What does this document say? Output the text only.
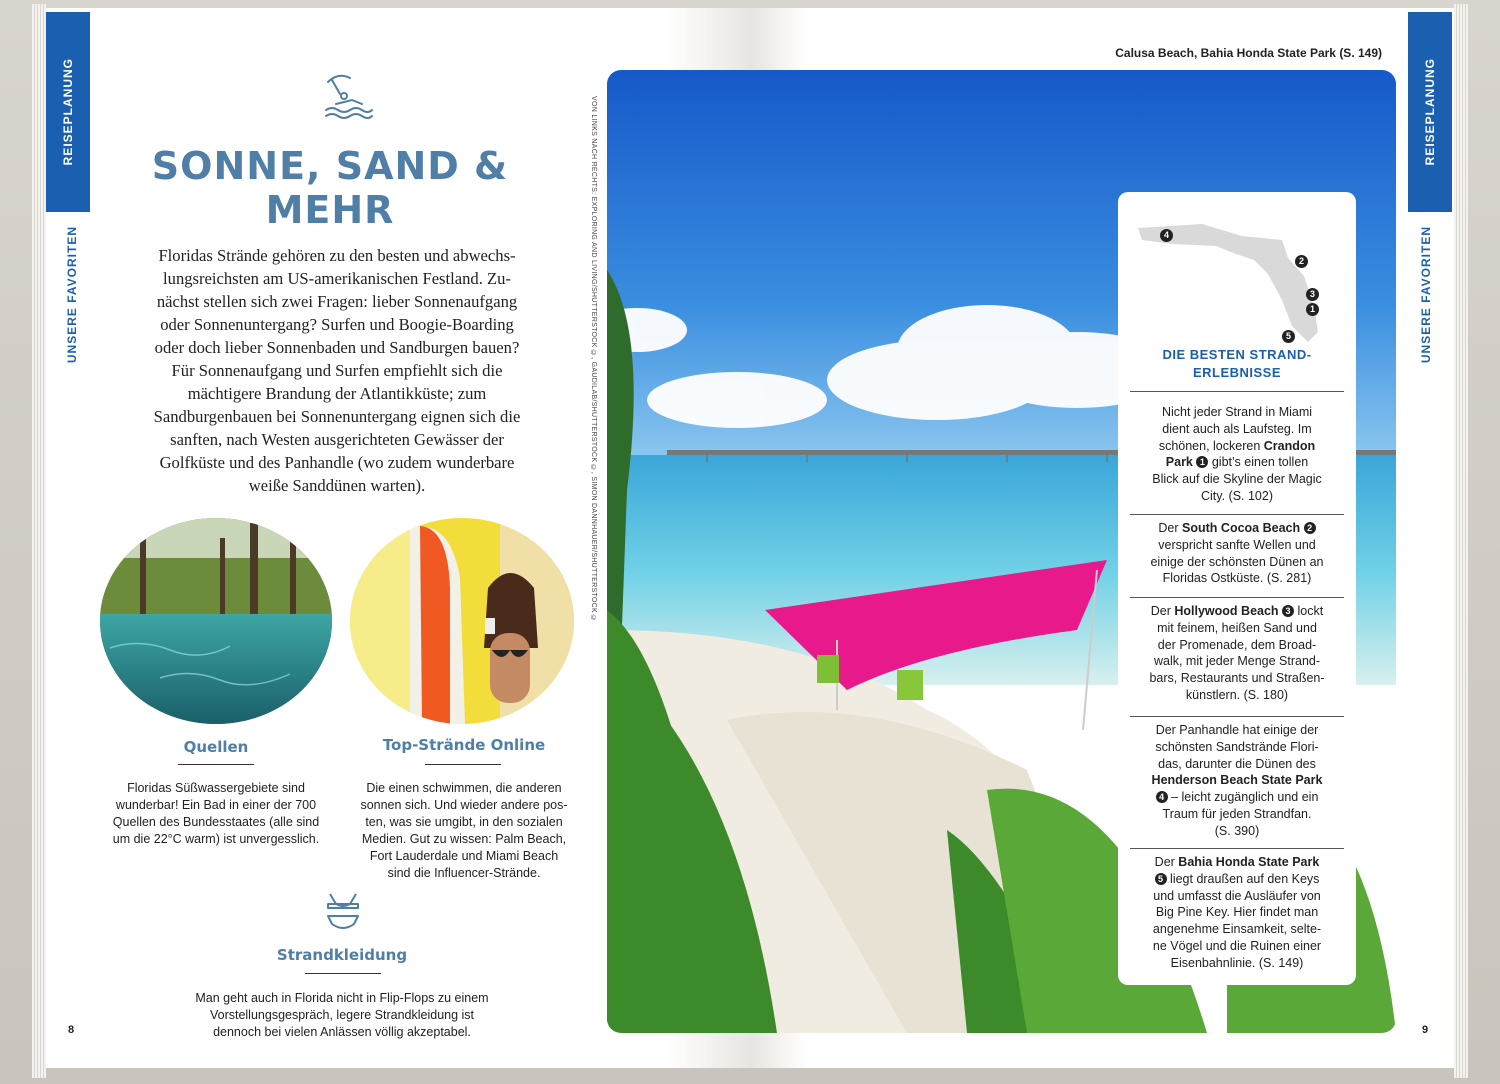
REISEPLANUNG
UNSERE FAVORITEN
SONNE, SAND &
MEHR
Floridas Strände gehören zu den besten und abwechs-
lungsreichsten am US-amerikanischen Festland. Zu-
nächst stellen sich zwei Fragen: lieber Sonnenaufgang
oder Sonnenuntergang? Surfen und Boogie-Boarding
oder doch lieber Sonnenbaden und Sandburgen bauen?
Für Sonnenaufgang und Surfen empfiehlt sich die
mächtigere Brandung der Atlantikküste; zum
Sandburgenbauen bei Sonnenuntergang eignen sich die
sanften, nach Westen ausgerichteten Gewässer der
Golfküste und des Panhandle (wo zudem wunderbare
weiße Sanddünen warten).
Quellen
Floridas Süßwassergebiete sind
wunderbar! Ein Bad in einer der 700
Quellen des Bundesstaates (alle sind
um die 22°C warm) ist unvergesslich.
Top-Strände Online
Die einen schwimmen, die anderen
sonnen sich. Und wieder andere pos-
ten, was sie umgibt, in den sozialen
Medien. Gut zu wissen: Palm Beach,
Fort Lauderdale und Miami Beach
sind die Influencer-Strände.
Strandkleidung
Man geht auch in Florida nicht in Flip-Flops zu einem
Vorstellungsgespräch, legere Strandkleidung ist
dennoch bei vielen Anlässen völlig akzeptabel.
VON LINKS NACH RECHTS: EXPLORING AND LIVING/SHUTTERSTOCK ©, GAUDILAB/SHUTTERSTOCK ©, SIMON DANNHAUER/SHUTTERSTOCK ©
8
Calusa Beach, Bahia Honda State Park (S. 149)
4
2
3
1
5
DIE BESTEN STRAND-
ERLEBNISSE
Nicht jeder Strand in Miami
dient auch als Laufsteg. Im
schönen, lockeren Crandon
Park 1 gibt’s einen tollen
Blick auf die Skyline der Magic
City. (S. 102)
Der South Cocoa Beach 2
verspricht sanfte Wellen und
einige der schönsten Dünen an
Floridas Ostküste. (S. 281)
Der Hollywood Beach 3 lockt
mit feinem, heißen Sand und
der Promenade, dem Broad-
walk, mit jeder Menge Strand-
bars, Restaurants und Straßen-
künstlern. (S. 180)
Der Panhandle hat einige der
schönsten Sandstrände Flori-
das, darunter die Dünen des
Henderson Beach State Park
4 – leicht zugänglich und ein
Traum für jeden Strandfan.
(S. 390)
Der Bahia Honda State Park
5 liegt draußen auf den Keys
und umfasst die Ausläufer von
Big Pine Key. Hier findet man
angenehme Einsamkeit, selte-
ne Vögel und die Ruinen einer
Eisenbahnlinie. (S. 149)
REISEPLANUNG
UNSERE FAVORITEN
9
